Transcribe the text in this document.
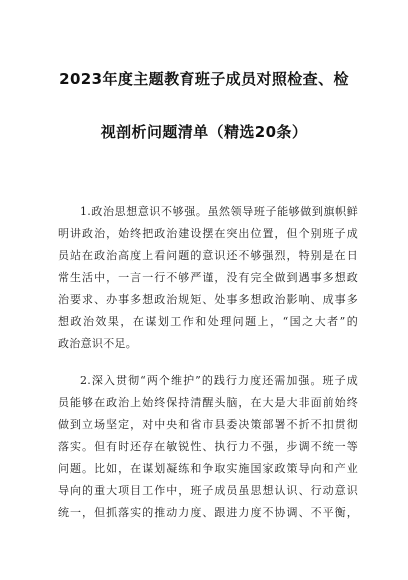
2023年度主题教育班子成员对照检查、检
视剖析问题清单（精选20条）
1.政治思想意识不够强。虽然领导班子能够做到旗帜鲜
明讲政治，始终把政治建设摆在突出位置，但个别班子成
员站在政治高度上看问题的意识还不够强烈，特别是在日
常生活中，一言一行不够严谨，没有完全做到遇事多想政
治要求、办事多想政治规矩、处事多想政治影响、成事多
想政治效果，在谋划工作和处理问题上，“国之大者”的
政治意识不足。
2.深入贯彻“两个维护”的践行力度还需加强。班子成
员能够在政治上始终保持清醒头脑，在大是大非面前始终
做到立场坚定，对中央和省市县委决策部署不折不扣贯彻
落实。但有时还存在敏锐性、执行力不强，步调不统一等
问题。比如，在谋划凝练和争取实施国家政策导向和产业
导向的重大项目工作中，班子成员虽思想认识、行动意识
统一，但抓落实的推动力度、跟进力度不协调、不平衡，
